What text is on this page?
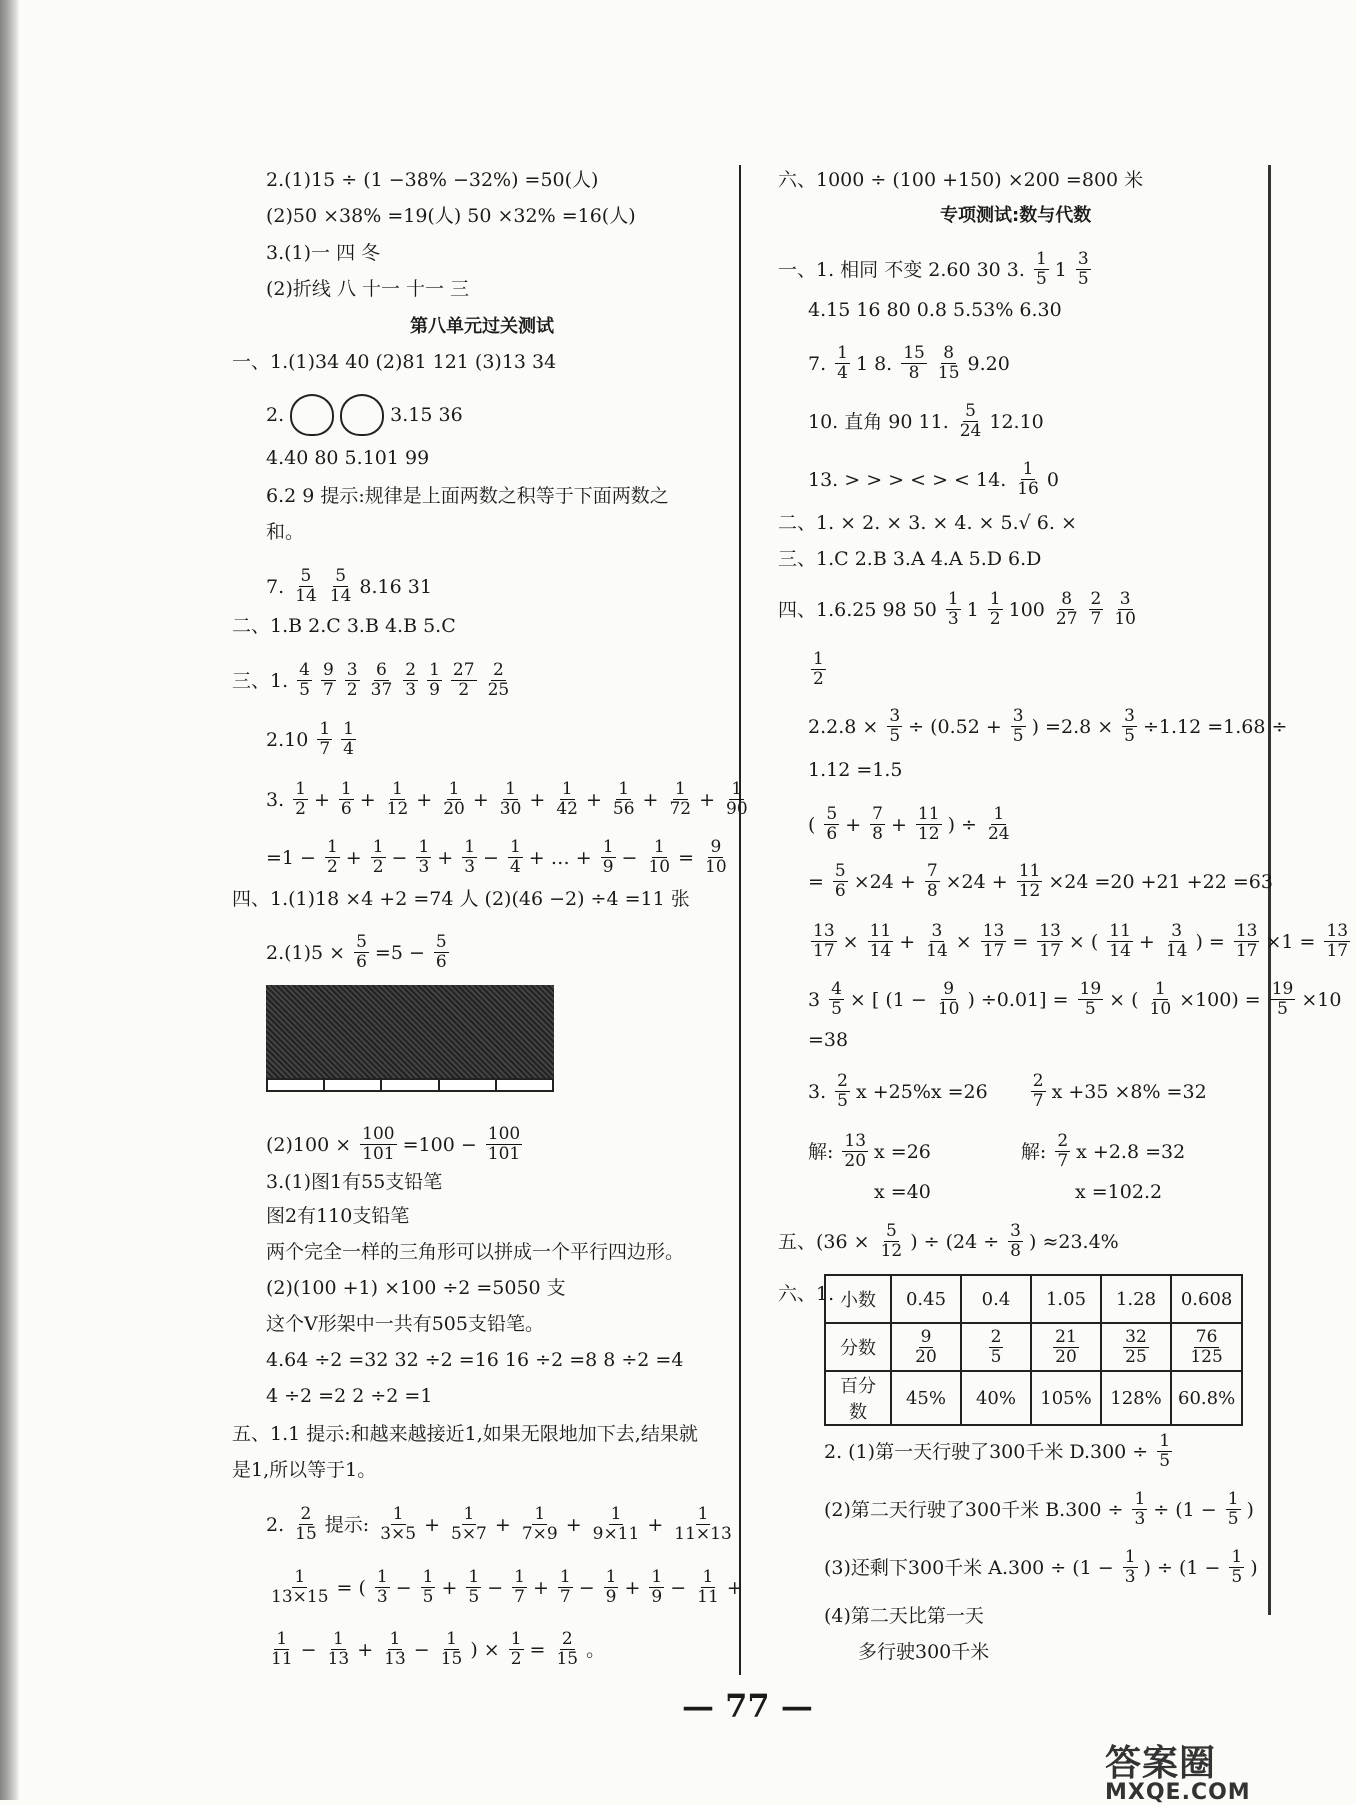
2.(1)15 ÷ (1 −38% −32%) =50(人)
(2)50 ×38% =19(人) 50 ×32% =16(人)
3.(1)一 四 冬
(2)折线 八 十一 十一 三
第八单元过关测试
一、1.(1)34 40 (2)81 121 (3)13 34
2.	3.15 36
4.40 80 5.101 99
6.2 9 提示:规律是上面两数之积等于下面两数之
和。
7. 5
14
5
14 8.16 31
二、1.B 2.C 3.B 4.B 5.C
三、1. 4
5
9
7
3
2
6
37
2
3
1
9
27
2
2
25
2.10 1
7
1
4
3. 1
$2 + \frac{1}{6} + \frac{1}{12} + \frac{1}{20} + \frac{1}{30} + \frac{1}{42} + \frac{1}{56} + \frac{1}{72} + \frac{1}{90}$
$=1 - \frac{1}{2} + \frac{1}{2} - \frac{1}{3} + \frac{1}{3} - \frac{1}{4}$ + … + $\frac{1}{9} - \frac{1}{10} = \frac{9}{10}$
四、1.(1)18 ×4 +2 =74 人 (2)(46 −2) ÷4 =11 张
$2.(1)5 \times \frac{5}{6} =5 - \frac{5}{6}$
$(2)100 \times \frac{100}{101} =100 - \frac{100}{101}$
3.(1)图1有55支铅笔
图2有110支铅笔
两个完全一样的三角形可以拼成一个平行四边形。
(2)(100 +1) ×100 ÷2 =5050 支
这个V形架中一共有505支铅笔。
4.64 ÷2 =32 32 ÷2 =16 16 ÷2 =8 8 ÷2 =4
4 ÷2 =2 2 ÷2 =1
五、1.1 提示:和越来越接近1,如果无限地加下去,结果就
是1,所以等于1。
2. 2
15 提示: 1
$3\times 5 + \frac{1}{5\times 7} + \frac{1}{7\times 9} + \frac{1}{9\times 11} + \frac{1}{11\times 13}$
$\frac{1}{13\times 15}$ = ( 1
$3 - \frac{1}{5} + \frac{1}{5} - \frac{1}{7} + \frac{1}{7} - \frac{1}{9} + \frac{1}{9} - \frac{1}{11}$ +
1
$11 - \frac{1}{13} + \frac{1}{13} - \frac{1}{15}$ ) × $\frac{1}{2} = \frac{2}{15}$ 。
六、1000 ÷ (100 +150) ×200 =800 米
专项测试:数与代数
一、1. 相同 不变 2.60 30 3. 1
5 1 3
5
4.15 16 80 0.8 5.53% 6.30
7. 1
4 1 8. 15
8
8
15 9.20
10. 直角 90 11. 5
24 12.10
13. > > > < > < 14. 1
16 0
二、1. × 2. × 3. × 4. × 5.√ 6. ×
三、1.C 2.B 3.A 4.A 5.D 6.D
四、1.6.25 98 50 1
3 1 1
2 100 8
27
2
7
3
10
1
2
$2.2.8 \times \frac{3}{5} \div (0.52 + \frac{3}{5}$ ) $=2.8 \times \frac{3}{5} \div 1.12 =1.68$ ÷
1.12 =1.5
( 5
$6 + \frac{7}{8} + \frac{11}{12}$ ) ÷ $\frac{1}{24}$
= $\frac{5}{6} \times 24 + \frac{7}{8} \times 24 + \frac{11}{12} \times 24 =20 +21 +22 =63$
$\frac{13}{17} \times \frac{11}{14} + \frac{3}{14} \times \frac{13}{17} = \frac{13}{17}$ × ( 11
$14 + \frac{3}{14}$ ) = $\frac{13}{17} \times 1 = \frac{13}{17}$
$3 \frac{4}{5}$ × [ ($1 - \frac{9}{10}$ ) $\div 0.01] = \frac{19}{5}$ × ( $\frac{1}{10} \times 100) = \frac{19}{5} \times 10$
=38
3. 2
5 x +25%x =26	2
7 x +35 ×8% =32
解: 13
20 x =26	解: 2
7 x +2.8 =32
x =40	x =102.2
五、($36 \times \frac{5}{12}$ ) ÷ ($24 \div \frac{3}{8}$ ) ≈23.4%
六、1. 小数	0.45	0.4	1.05	1.28	0.608
分数	$\frac{9}{20}$	$\frac{2}{5}$	$\frac{21}{20}$	$\frac{32}{25}$	$\frac{76}{125}$

百分数	45%	40%	105%	128%	60.8%
2. (1)第一天行驶了300千米 $D.300 \div \frac{1}{5}$
(2)第二天行驶了300千米 $B.300 \div \frac{1}{3} \div (1 - \frac{1}{5}$ )
(3)还剩下300千米 $A.300 \div (1 - \frac{1}{3}$ ) ÷ ($1 - \frac{1}{5}$ )
(4)第二天比第一天
多行驶300千米
— 77 —
答案圈
MXQE.COM
